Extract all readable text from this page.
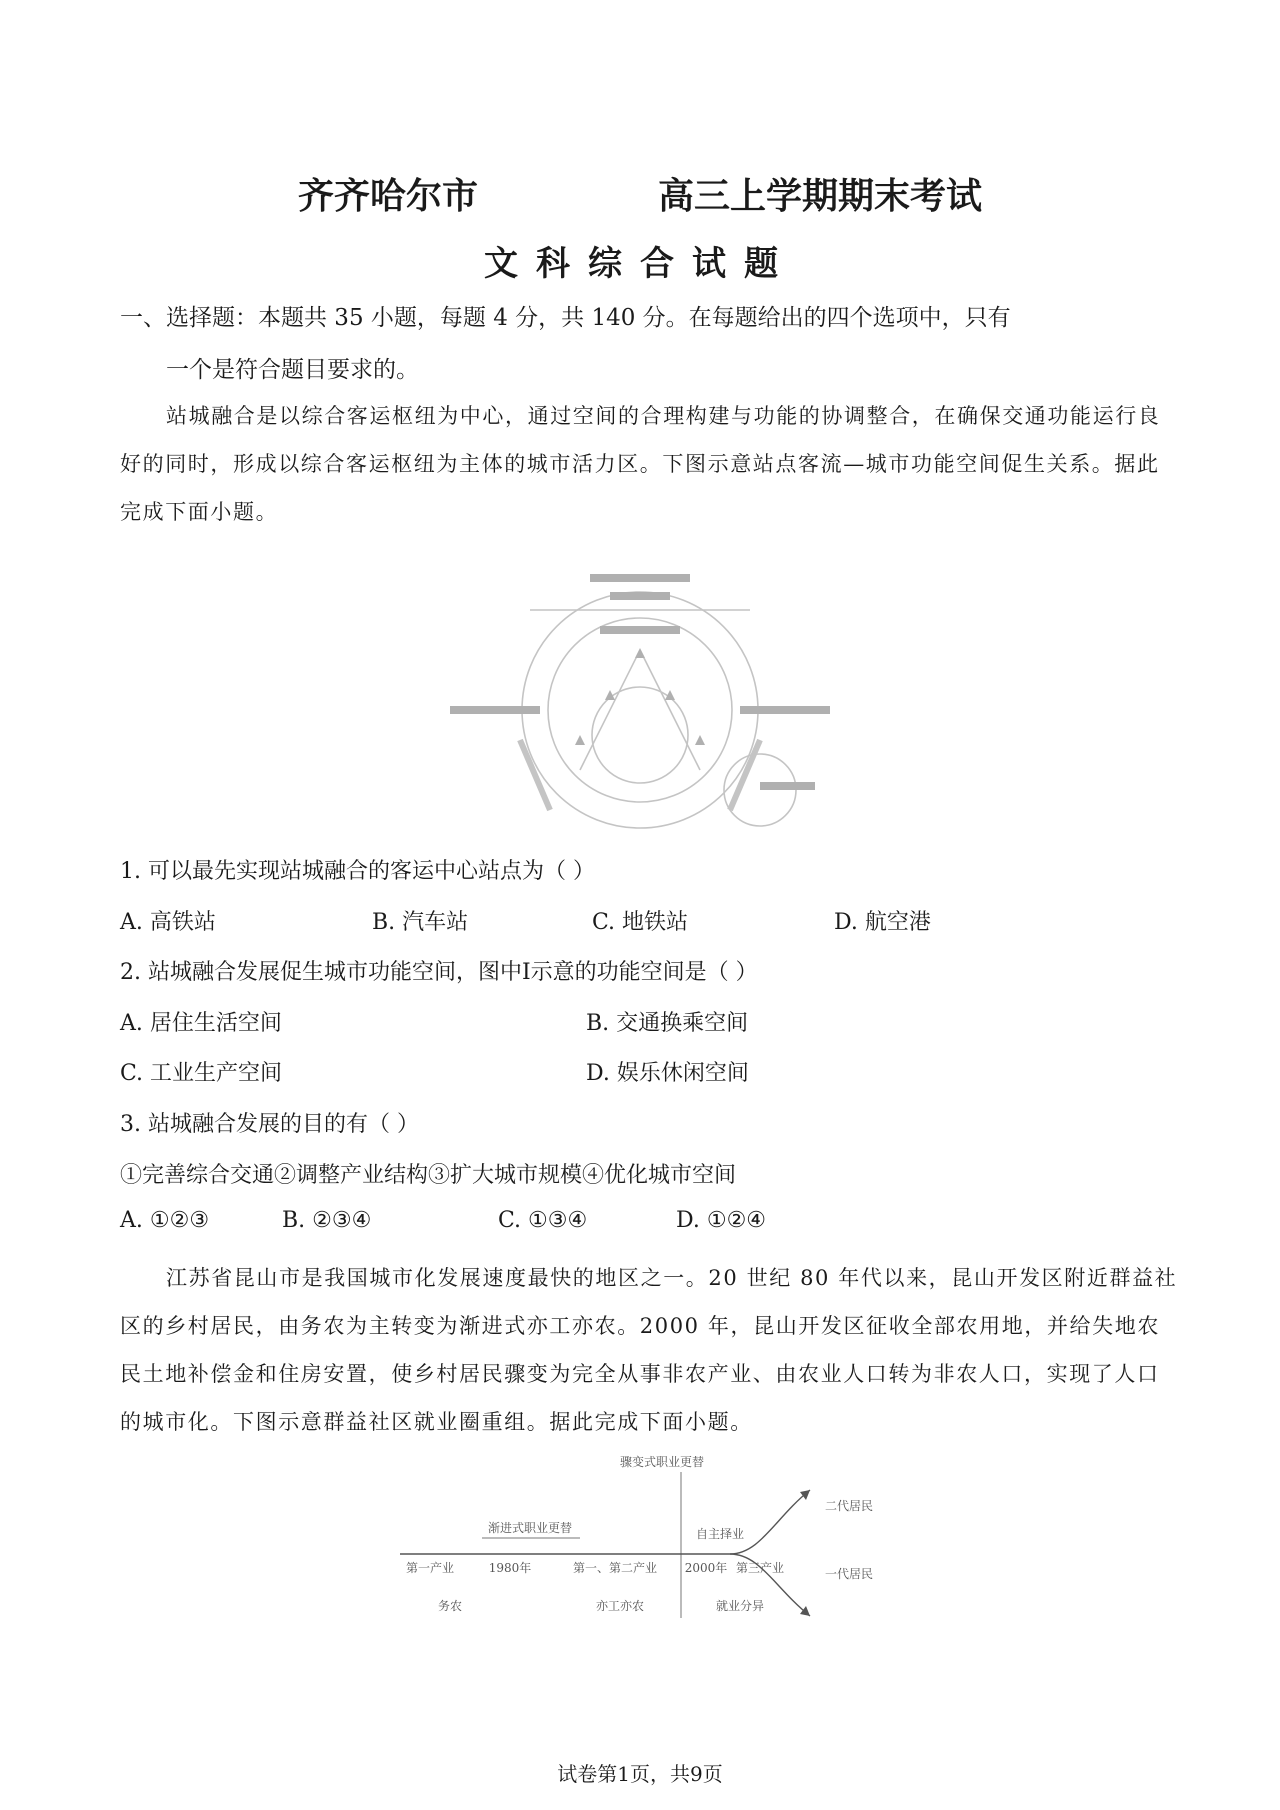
齐齐哈尔市	高三上学期期末考试
文科综合试题
一、选择题：本题共 35 小题，每题 4 分，共 140 分。在每题给出的四个选项中，只有
一个是符合题目要求的。
站城融合是以综合客运枢纽为中心，通过空间的合理构建与功能的协调整合，在确保交通功能运行良好的同时，形成以综合客运枢纽为主体的城市活力区。下图示意站点客流—城市功能空间促生关系。据此完成下面小题。
1. 可以最先实现站城融合的客运中心站点为（ ）
A. 高铁站	B. 汽车站	C. 地铁站	D. 航空港
2. 站城融合发展促生城市功能空间，图中Ⅰ示意的功能空间是（ ）
A. 居住生活空间	B. 交通换乘空间
C. 工业生产空间	D. 娱乐休闲空间
3. 站城融合发展的目的有（ ）
①完善综合交通②调整产业结构③扩大城市规模④优化城市空间
A. ①②③	B. ②③④	C. ①③④	D. ①②④
江苏省昆山市是我国城市化发展速度最快的地区之一。20 世纪 80 年代以来，昆山开发区附近群益社区的乡村居民，由务农为主转变为渐进式亦工亦农。2000 年，昆山开发区征收全部农用地，并给失地农民土地补偿金和住房安置，使乡村居民骤变为完全从事非农产业、由农业人口转为非农人口，实现了人口的城市化。下图示意群益社区就业圈重组。据此完成下面小题。
骤变式职业更替
渐进式职业更替	自主择业
二代居民
一代居民
第一产业	1980年	第一、第二产业 2000年 第三产业
务农	亦工亦农	就业分异
试卷第1页，共9页
